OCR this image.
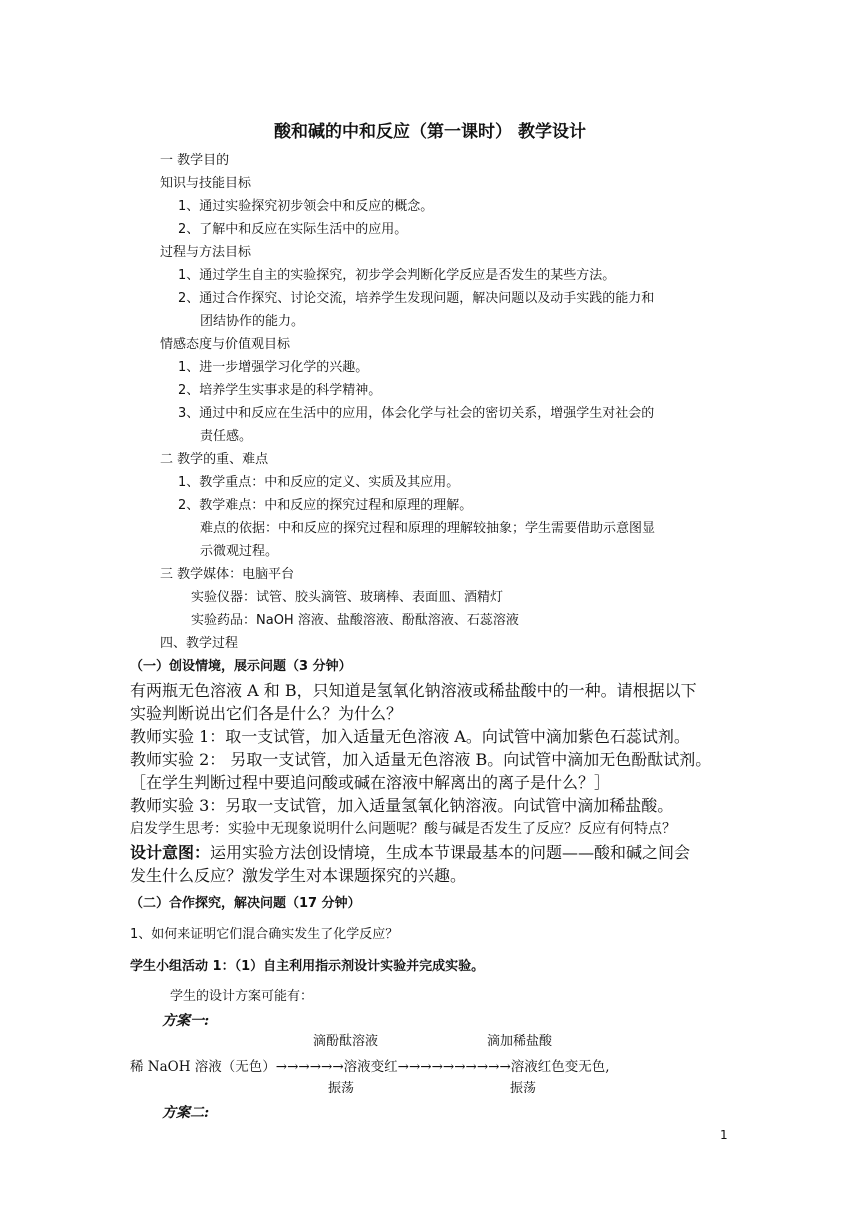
酸和碱的中和反应（第一课时） 教学设计
一 教学目的
知识与技能目标
1、通过实验探究初步领会中和反应的概念。
2、了解中和反应在实际生活中的应用。
过程与方法目标
1、通过学生自主的实验探究，初步学会判断化学反应是否发生的某些方法。
2、通过合作探究、讨论交流，培养学生发现问题，解决问题以及动手实践的能力和
团结协作的能力。
情感态度与价值观目标
1、进一步增强学习化学的兴趣。
2、培养学生实事求是的科学精神。
3、通过中和反应在生活中的应用，体会化学与社会的密切关系，增强学生对社会的
责任感。
二 教学的重、难点
1、教学重点：中和反应的定义、实质及其应用。
2、教学难点：中和反应的探究过程和原理的理解。
难点的依据：中和反应的探究过程和原理的理解较抽象；学生需要借助示意图显
示微观过程。
三 教学媒体：电脑平台
实验仪器：试管、胶头滴管、玻璃棒、表面皿、酒精灯
实验药品：NaOH 溶液、盐酸溶液、酚酞溶液、石蕊溶液
四、教学过程
（一）创设情境，展示问题（3 分钟）
有两瓶无色溶液 A 和 B，只知道是氢氧化钠溶液或稀盐酸中的一种。请根据以下
实验判断说出它们各是什么？为什么？
教师实验 1：取一支试管，加入适量无色溶液 A。向试管中滴加紫色石蕊试剂。
教师实验 2： 另取一支试管，加入适量无色溶液 B。向试管中滴加无色酚酞试剂。
［在学生判断过程中要追问酸或碱在溶液中解离出的离子是什么？］
教师实验 3：另取一支试管，加入适量氢氧化钠溶液。向试管中滴加稀盐酸。
启发学生思考：实验中无现象说明什么问题呢？酸与碱是否发生了反应？反应有何特点？
设计意图：运用实验方法创设情境，生成本节课最基本的问题——酸和碱之间会
发生什么反应？激发学生对本课题探究的兴趣。
（二）合作探究，解决问题（17 分钟）
1、如何来证明它们混合确实发生了化学反应？
学生小组活动 1：（1）自主利用指示剂设计实验并完成实验。
学生的设计方案可能有：
方案一:
滴酚酞溶液	滴加稀盐酸
稀 NaOH 溶液（无色）→→→→→→溶液变红→→→→→→→→→→溶液红色变无色,
振荡	振荡
方案二:
1
